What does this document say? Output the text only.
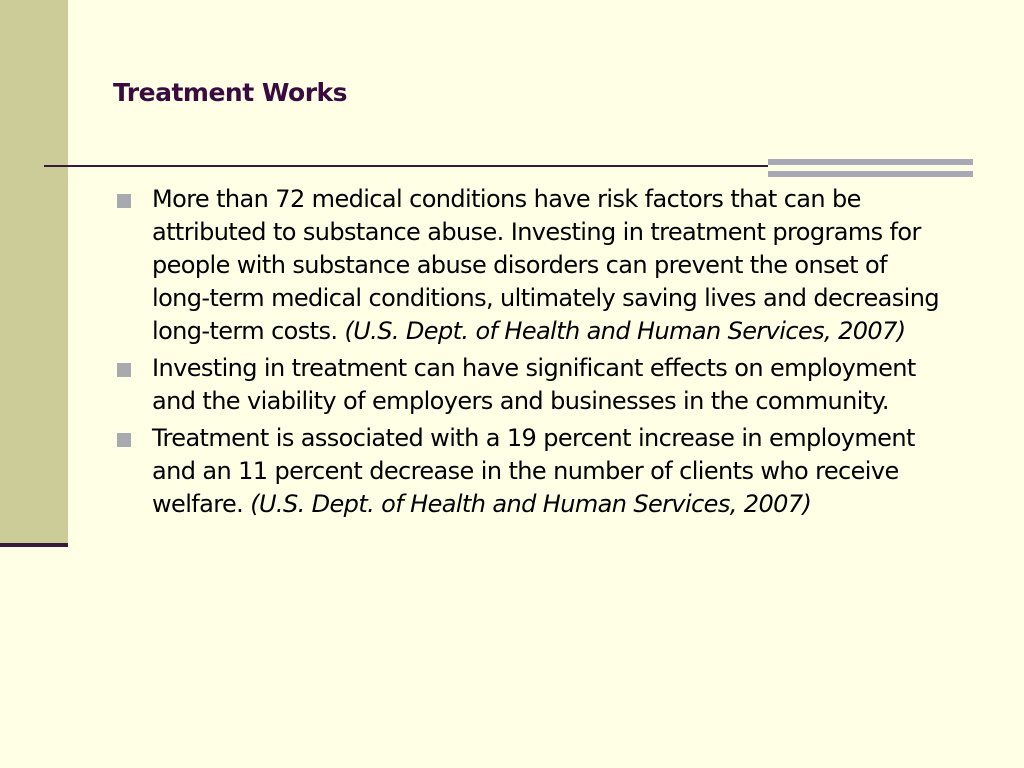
Treatment Works
More than 72 medical conditions have risk factors that can be attributed to substance abuse. Investing in treatment programs for people with substance abuse disorders can prevent the onset of long-term medical conditions, ultimately saving lives and decreasing long-term costs. (U.S. Dept. of Health and Human Services, 2007)
Investing in treatment can have significant effects on employment and the viability of employers and businesses in the community.
Treatment is associated with a 19 percent increase in employment and an 11 percent decrease in the number of clients who receive welfare. (U.S. Dept. of Health and Human Services, 2007)
